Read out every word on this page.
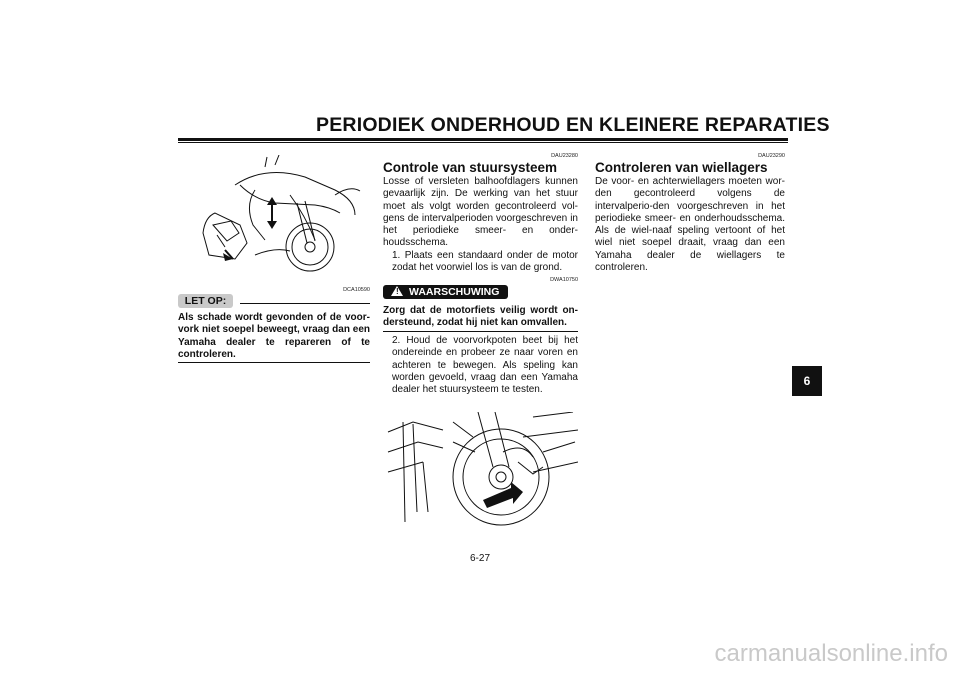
PERIODIEK ONDERHOUD EN KLEINERE REPARATIES
DCA10590
LET OP:
Als schade wordt gevonden of de voor-vork niet soepel beweegt, vraag dan een Yamaha dealer te repareren of te controleren.
DAU23280
Controle van stuursysteem
Losse of versleten balhoofdlagers kunnen gevaarlijk zijn. De werking van het stuur moet als volgt worden gecontroleerd vol-gens de intervalperioden voorgeschreven in het periodieke smeer- en onder-houdsschema.
1. Plaats een standaard onder de motor zodat het voorwiel los is van de grond.
DWA10750
! WAARSCHUWING
Zorg dat de motorfiets veilig wordt on-dersteund, zodat hij niet kan omvallen.
2. Houd de voorvorkpoten beet bij het ondereinde en probeer ze naar voren en achteren te bewegen. Als speling kan worden gevoeld, vraag dan een Yamaha dealer het stuursysteem te testen.
DAU23290
Controleren van wiellagers
De voor- en achterwiellagers moeten wor-den gecontroleerd volgens de intervalperio-den voorgeschreven in het periodieke smeer- en onderhoudsschema. Als de wiel-naaf speling vertoont of het wiel niet soepel draait, vraag dan een Yamaha dealer de wiellagers te controleren.
6
6-27
carmanualsonline.info
